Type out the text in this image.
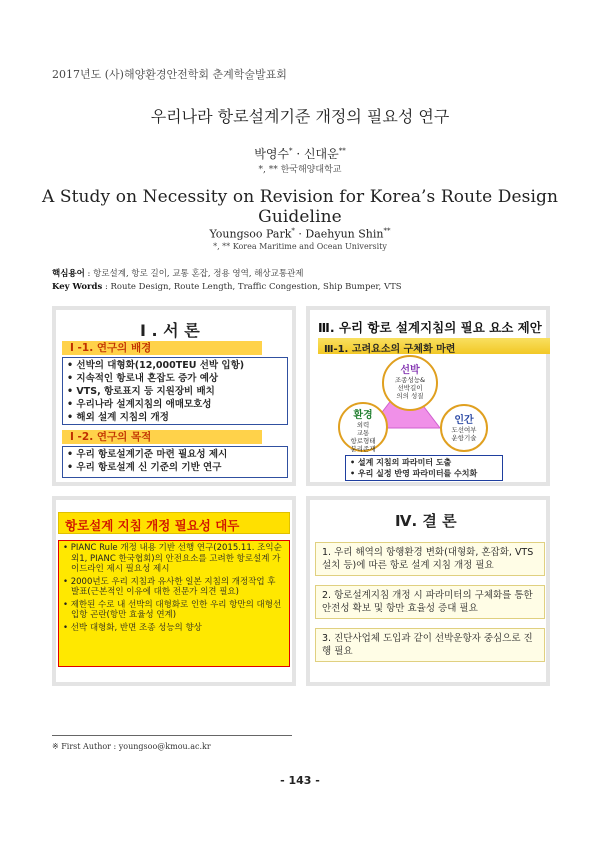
2017년도 (사)해양환경안전학회 춘계학술발표회
우리나라 항로설계기준 개정의 필요성 연구
박영수* · 신대운**
*, ** 한국해양대학교
A Study on Necessity on Revision for Korea’s Route Design Guideline
Youngsoo Park* · Daehyun Shin**
*, ** Korea Maritime and Ocean University
핵심용어 : 항로설계, 항로 길이, 교통 혼잡, 정용 영역, 해상교통관제
Key Words : Route Design, Route Length, Traffic Congestion, Ship Bumper, VTS
I . 서 론
I -1. 연구의 배경
• 선박의 대형화(12,000TEU 선박 입항)
• 지속적인 항로내 혼잡도 증가 예상
• VTS, 항로표지 등 지원장비 배치
• 우리나라 설계지침의 애매모호성
• 해외 설계 지침의 개정
I -2. 연구의 목적
• 우리 항로설계기준 마련 필요성 제시
• 우리 항로설계 신 기준의 기반 연구
Ⅲ. 우리 항로 설계지침의 필요 요소 제안
Ⅲ-1. 고려요소의 구체화 마련
선박
조종성능&
선박길이
의의 성질
환경
외력
교통
항로형태
분리존재
인간
도선여부
운항기술
• 설계 지침의 파라미터 도출
• 우리 실정 반영 파라미터를 수치화
항로설계 지침 개정 필요성 대두
• PIANC Rule 개정 내용 기반 선행 연구(2015.11. 조익순외1, PIANC 한국협회)의 안전요소를 고려한 항로설계 가이드라인 제시 필요성 제시
• 2000년도 우리 지침과 유사한 일본 지침의 개정작업 후 발표(근본적인 이유에 대한 전문가 의견 필요)
• 제한된 수로 내 선박의 대형화로 인한 우리 항만의 대형선 입항 곤란(항만 효율성 연계)
• 선박 대형화, 반면 조종 성능의 향상
Ⅳ. 결 론
1. 우리 해역의 항행환경 변화(대형화, 혼잡화, VTS 설치 등)에 따른 항로 설계 지침 개정 필요
2. 항로설계지침 개정 시 파라미터의 구체화를 통한 안전성 확보 및 항만 효율성 증대 필요
3. 진단사업체 도입과 같이 선박운항자 중심으로 진행 필요
※ First Author : youngsoo@kmou.ac.kr
- 143 -
